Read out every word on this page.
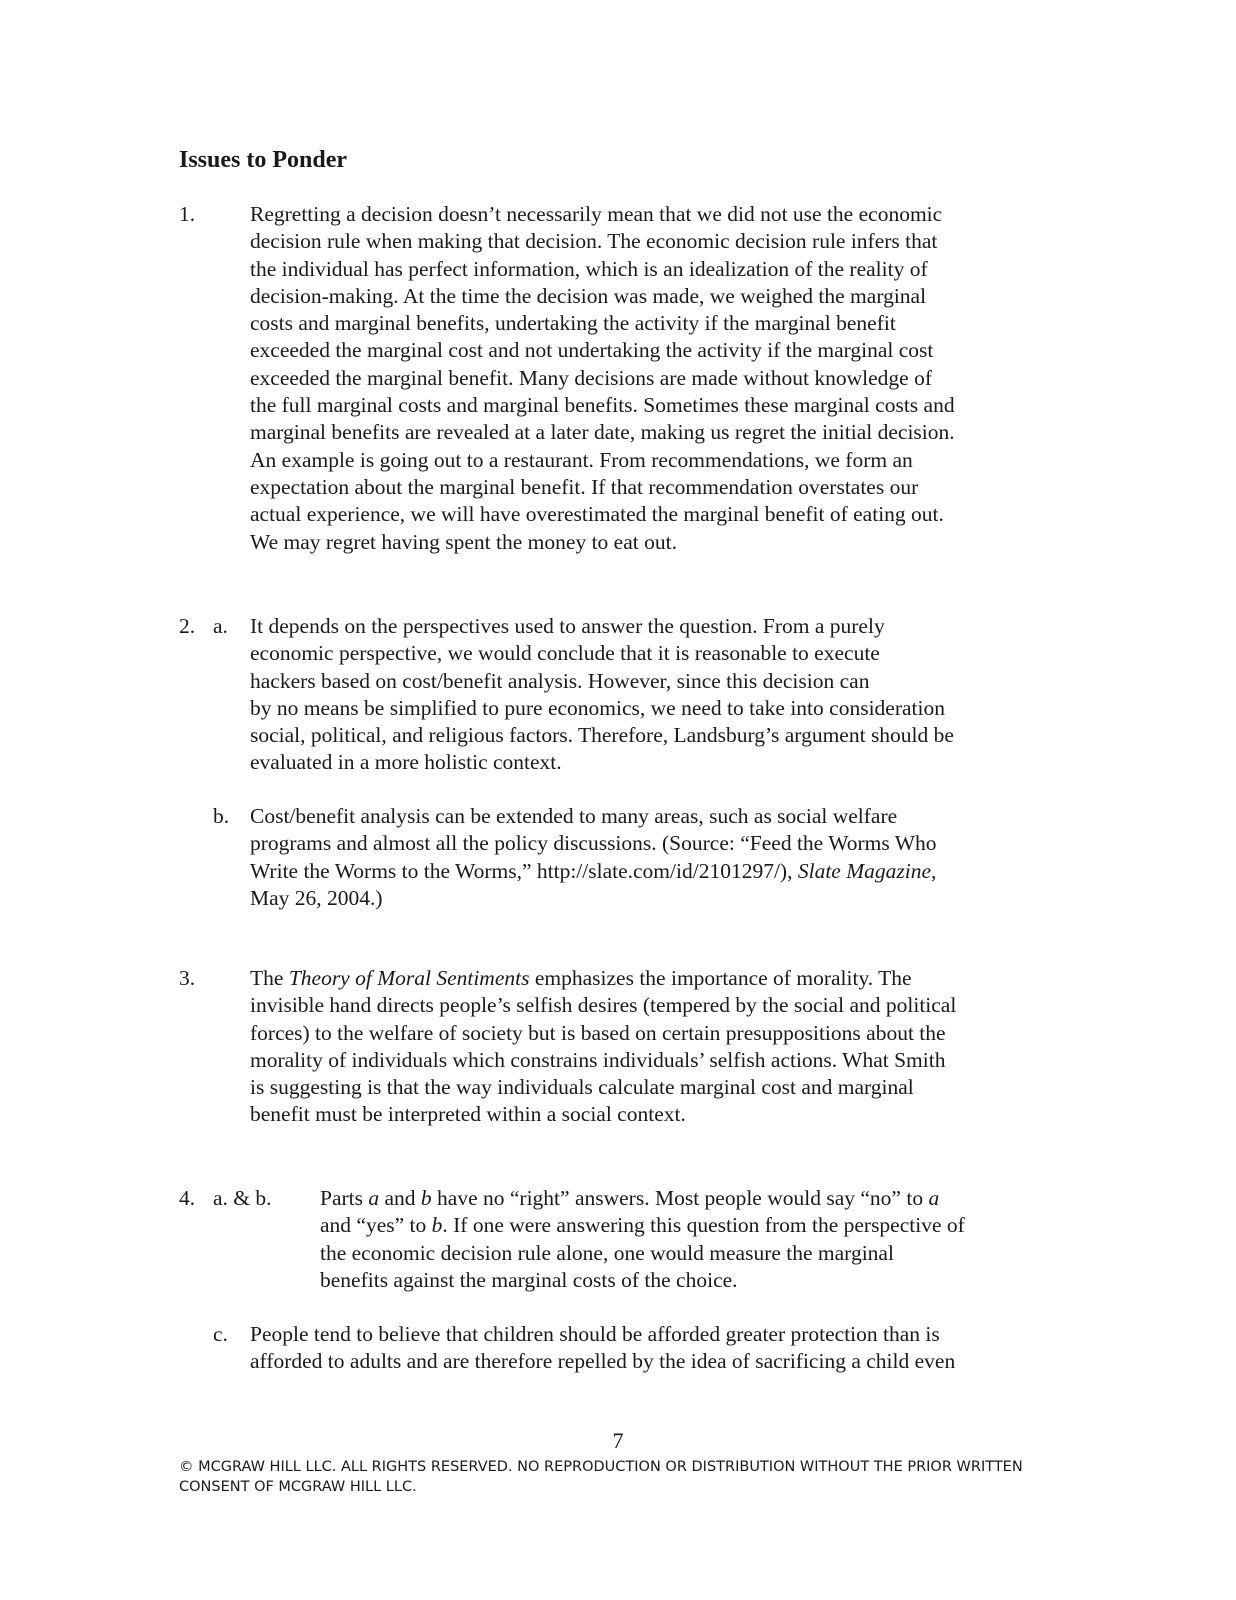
Issues to Ponder
1.	Regretting a decision doesn’t necessarily mean that we did not use the economic
decision rule when making that decision. The economic decision rule infers that
the individual has perfect information, which is an idealization of the reality of
decision-making. At the time the decision was made, we weighed the marginal
costs and marginal benefits, undertaking the activity if the marginal benefit
exceeded the marginal cost and not undertaking the activity if the marginal cost
exceeded the marginal benefit. Many decisions are made without knowledge of
the full marginal costs and marginal benefits. Sometimes these marginal costs and
marginal benefits are revealed at a later date, making us regret the initial decision.
An example is going out to a restaurant. From recommendations, we form an
expectation about the marginal benefit. If that recommendation overstates our
actual experience, we will have overestimated the marginal benefit of eating out.
We may regret having spent the money to eat out.

2. a. It depends on the perspectives used to answer the question. From a purely
economic perspective, we would conclude that it is reasonable to execute
hackers based on cost/benefit analysis. However, since this decision can
by no means be simplified to pure economics, we need to take into consideration
social, political, and religious factors. Therefore, Landsburg’s argument should be
evaluated in a more holistic context.

b. Cost/benefit analysis can be extended to many areas, such as social welfare
programs and almost all the policy discussions. (Source: “Feed the Worms Who
Write the Worms to the Worms,” http://slate.com/id/2101297/), Slate Magazine,
May 26, 2004.)

3.	The Theory of Moral Sentiments emphasizes the importance of morality. The
invisible hand directs people’s selfish desires (tempered by the social and political
forces) to the welfare of society but is based on certain presuppositions about the
morality of individuals which constrains individuals’ selfish actions. What Smith
is suggesting is that the way individuals calculate marginal cost and marginal
benefit must be interpreted within a social context.

4. a. & b. Parts a and b have no “right” answers. Most people would say “no” to a
and “yes” to b. If one were answering this question from the perspective of
the economic decision rule alone, one would measure the marginal
benefits against the marginal costs of the choice.

c. People tend to believe that children should be afforded greater protection than is
afforded to adults and are therefore repelled by the idea of sacrificing a child even

7
© MCGRAW HILL LLC. ALL RIGHTS RESERVED. NO REPRODUCTION OR DISTRIBUTION WITHOUT THE PRIOR WRITTEN
CONSENT OF MCGRAW HILL LLC.
